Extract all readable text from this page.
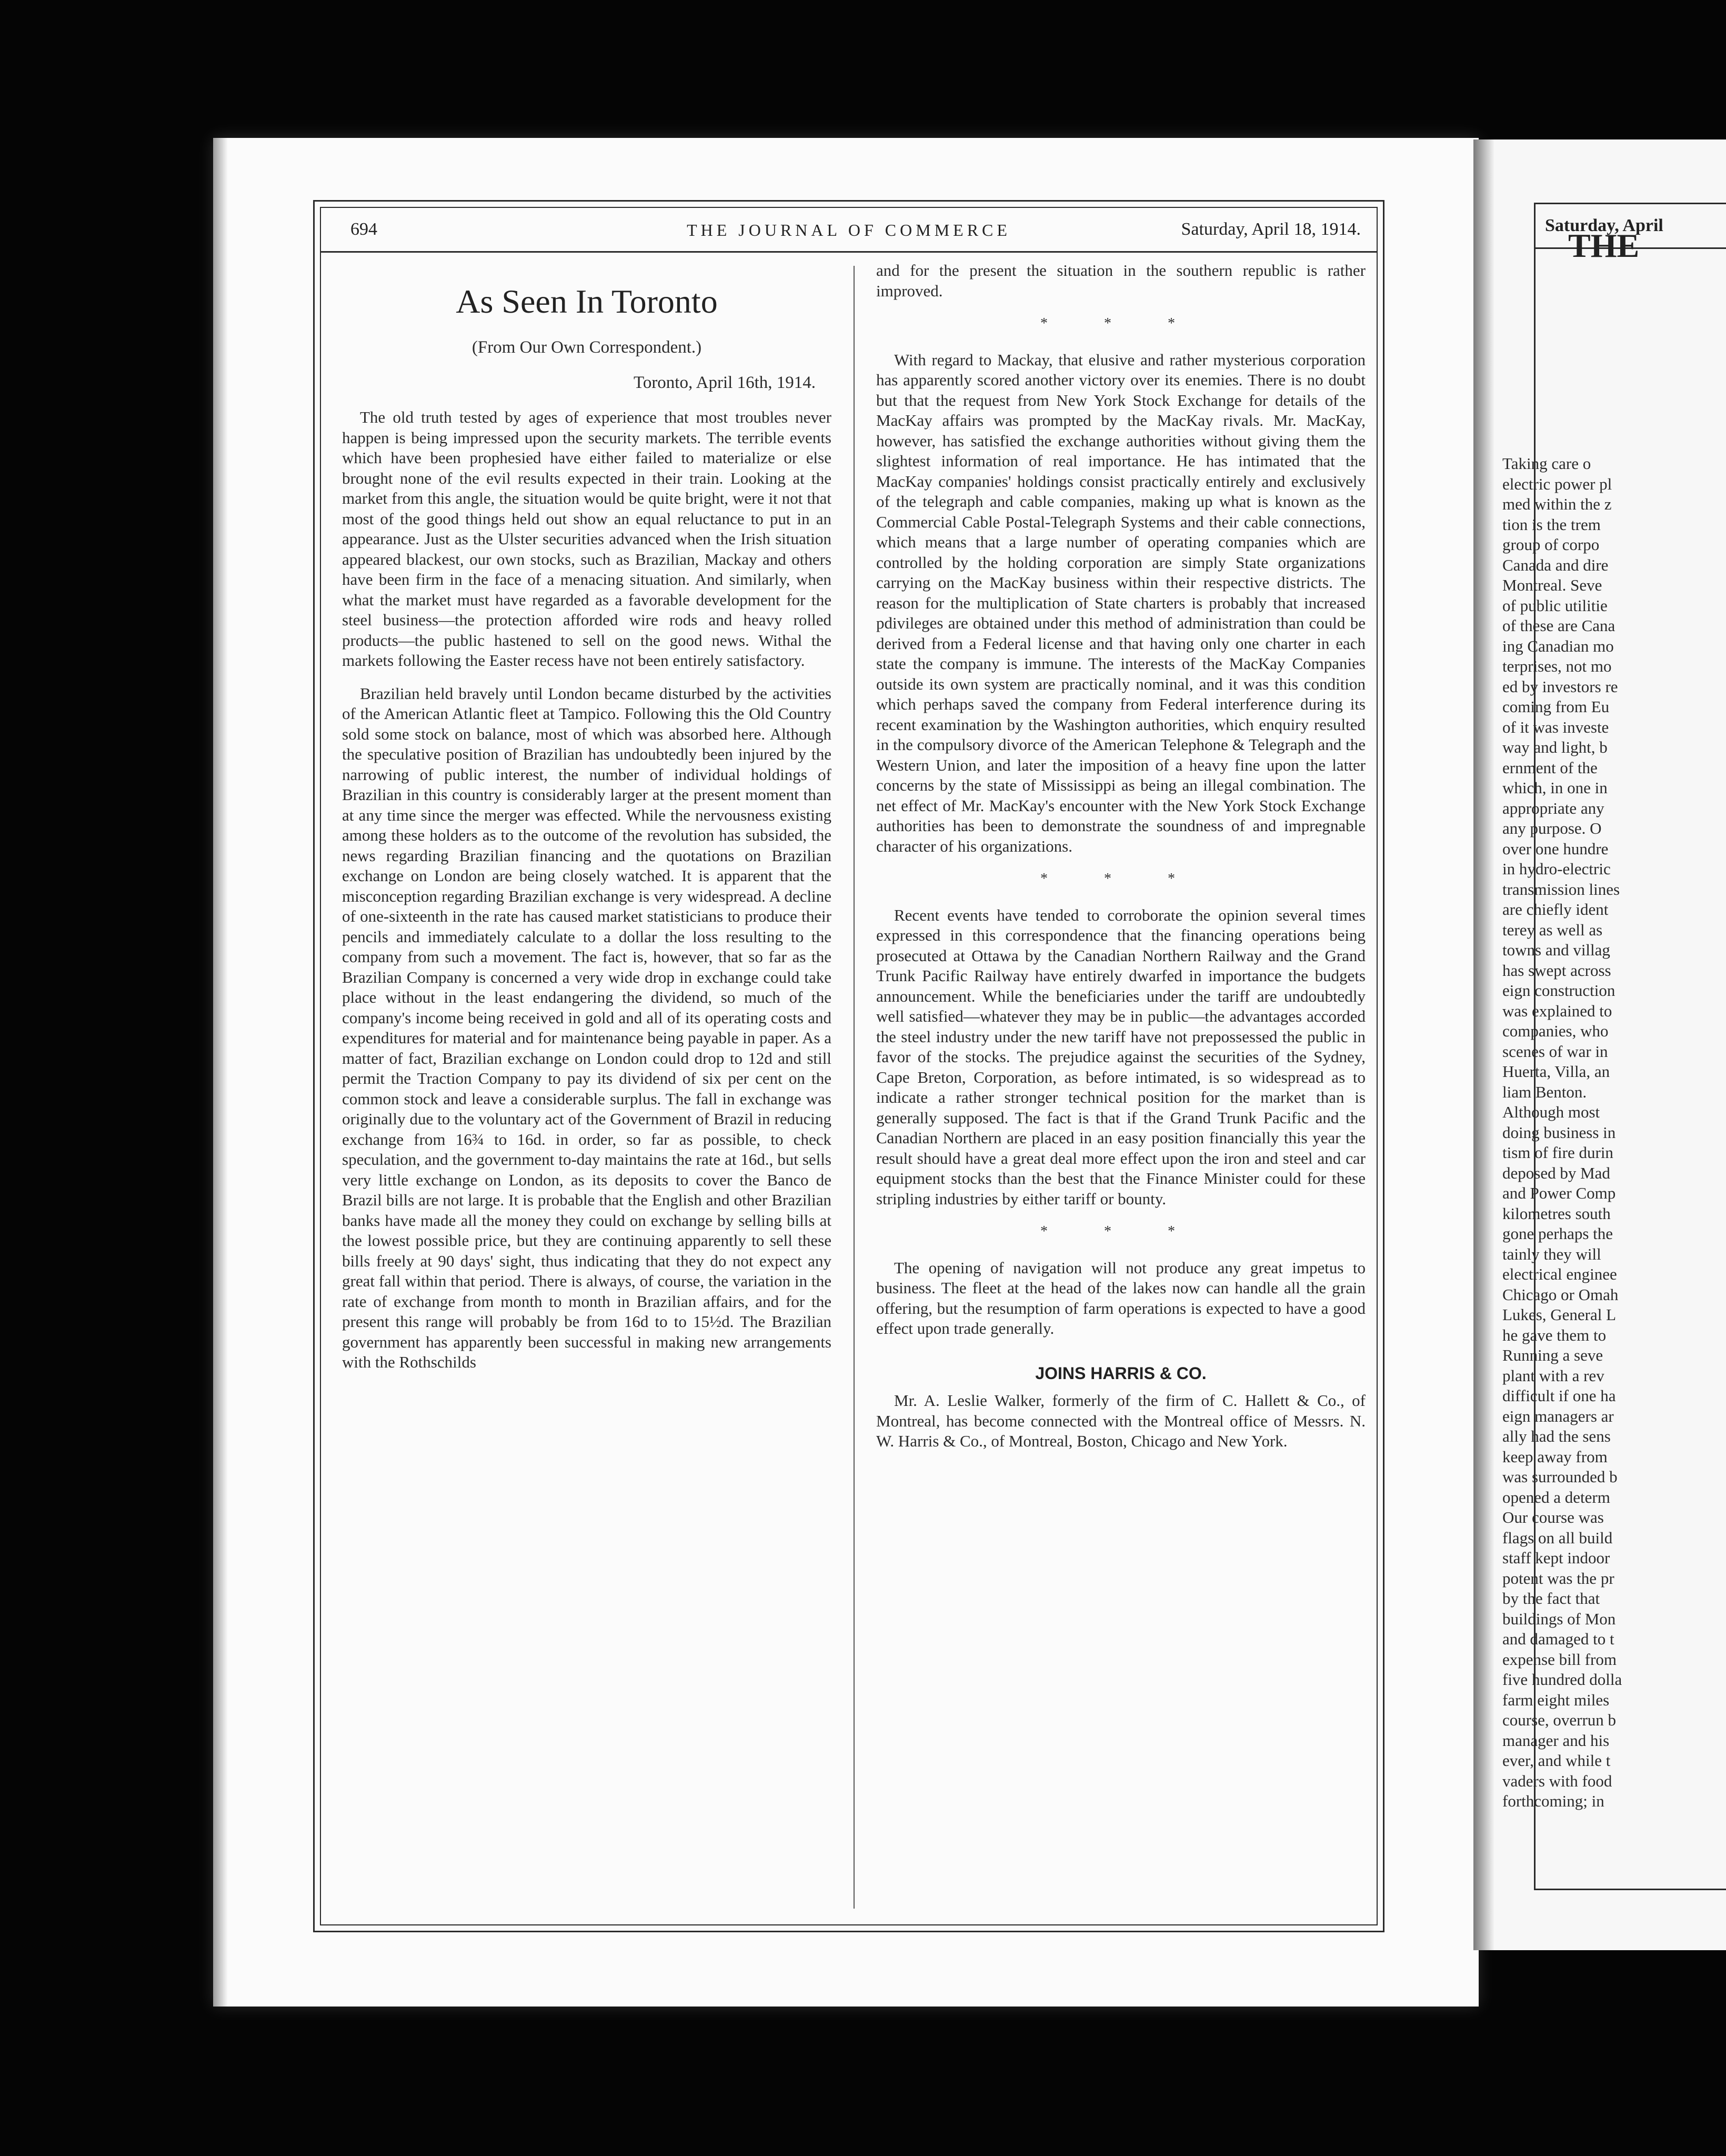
694	THE JOURNAL OF COMMERCE	Saturday, April 18, 1914.
As Seen In Toronto
(From Our Own Correspondent.)
Toronto, April 16th, 1914.

The old truth tested by ages of experience that most troubles never happen is being impressed upon the security markets. The terrible events which have been prophesied have either failed to materialize or else brought none of the evil results expected in their train. Looking at the market from this angle, the situation would be quite bright, were it not that most of the good things held out show an equal reluctance to put in an appearance. Just as the Ulster securities advanced when the Irish situation appeared blackest, our own stocks, such as Brazilian, Mackay and others have been firm in the face of a menacing situation. And similarly, when what the market must have regarded as a favorable development for the steel business—the protection afforded wire rods and heavy rolled products—the public hastened to sell on the good news. Withal the markets following the Easter recess have not been entirely satisfactory.

Brazilian held bravely until London became disturbed by the activities of the American Atlantic fleet at Tampico. Following this the Old Country sold some stock on balance, most of which was absorbed here. Although the speculative position of Brazilian has undoubtedly been injured by the narrowing of public interest, the number of individual holdings of Brazilian in this country is considerably larger at the present moment than at any time since the merger was effected. While the nervousness existing among these holders as to the outcome of the revolution has subsided, the news regarding Brazilian financing and the quotations on Brazilian exchange on London are being closely watched. It is apparent that the misconception regarding Brazilian exchange is very widespread. A decline of one-sixteenth in the rate has caused market statisticians to produce their pencils and immediately calculate to a dollar the loss resulting to the company from such a movement. The fact is, however, that so far as the Brazilian Company is concerned a very wide drop in exchange could take place without in the least endangering the dividend, so much of the company's income being received in gold and all of its operating costs and expenditures for material and for maintenance being payable in paper. As a matter of fact, Brazilian exchange on London could drop to 12d and still permit the Traction Company to pay its dividend of six per cent on the common stock and leave a considerable surplus. The fall in exchange was originally due to the voluntary act of the Government of Brazil in reducing exchange from 16¾ to 16d. in order, so far as possible, to check speculation, and the government to-day maintains the rate at 16d., but sells very little exchange on London, as its deposits to cover the Banco de Brazil bills are not large. It is probable that the English and other Brazilian banks have made all the money they could on exchange by selling bills at the lowest possible price, but they are continuing apparently to sell these bills freely at 90 days' sight, thus indicating that they do not expect any great fall within that period. There is always, of course, the variation in the rate of exchange from month to month in Brazilian affairs, and for the present this range will probably be from 16d to to 15½d. The Brazilian government has apparently been successful in making new arrangements with the Rothschilds

and for the present the situation in the southern republic is rather improved.

* * *

With regard to Mackay, that elusive and rather mysterious corporation has apparently scored another victory over its enemies. There is no doubt but that the request from New York Stock Exchange for details of the MacKay affairs was prompted by the MacKay rivals. Mr. MacKay, however, has satisfied the exchange authorities without giving them the slightest information of real importance. He has intimated that the MacKay companies' holdings consist practically entirely and exclusively of the telegraph and cable companies, making up what is known as the Commercial Cable Postal-Telegraph Systems and their cable connections, which means that a large number of operating companies which are controlled by the holding corporation are simply State organizations carrying on the MacKay business within their respective districts. The reason for the multiplication of State charters is probably that increased pdivileges are obtained under this method of administration than could be derived from a Federal license and that having only one charter in each state the company is immune. The interests of the MacKay Companies outside its own system are practically nominal, and it was this condition which perhaps saved the company from Federal interference during its recent examination by the Washington authorities, which enquiry resulted in the compulsory divorce of the American Telephone & Telegraph and the Western Union, and later the imposition of a heavy fine upon the latter concerns by the state of Mississippi as being an illegal combination. The net effect of Mr. MacKay's encounter with the New York Stock Exchange authorities has been to demonstrate the soundness of and impregnable character of his organizations.

* * *

Recent events have tended to corroborate the opinion several times expressed in this correspondence that the financing operations being prosecuted at Ottawa by the Canadian Northern Railway and the Grand Trunk Pacific Railway have entirely dwarfed in importance the budgets announcement. While the beneficiaries under the tariff are undoubtedly well satisfied—whatever they may be in public—the advantages accorded the steel industry under the new tariff have not prepossessed the public in favor of the stocks. The prejudice against the securities of the Sydney, Cape Breton, Corporation, as before intimated, is so widespread as to indicate a rather stronger technical position for the market than is generally supposed. The fact is that if the Grand Trunk Pacific and the Canadian Northern are placed in an easy position financially this year the result should have a great deal more effect upon the iron and steel and car equipment stocks than the best that the Finance Minister could for these stripling industries by either tariff or bounty.

* * *

The opening of navigation will not produce any great impetus to business. The fleet at the head of the lakes now can handle all the grain offering, but the resumption of farm operations is expected to have a good effect upon trade generally.

JOINS HARRIS & CO.

Mr. A. Leslie Walker, formerly of the firm of C. Hallett & Co., of Montreal, has become connected with the Montreal office of Messrs. N. W. Harris & Co., of Montreal, Boston, Chicago and New York.

Saturday, April
THE
Taking care o
electric power pl
med within the z
tion is the trem
group of corpo
Canada and dire
Montreal. Seve
of public utilitie
of these are Cana
ing Canadian mo
terprises, not mo
ed by investors re
coming from Eu
of it was investe
way and light, b
ernment of the
which, in one in
appropriate any
any purpose. O
over one hundre
in hydro-electric
transmission lines
are chiefly ident
terey as well as
towns and villag
has swept across
eign construction
was explained to
companies, who
scenes of war in
Huerta, Villa, an
liam Benton.
Although most
doing business in
tism of fire durin
deposed by Mad
and Power Comp
kilometres south
gone perhaps the
tainly they will
electrical enginee
Chicago or Omah
Lukes, General L
he gave them to
Running a seve
plant with a rev
difficult if one ha
eign managers ar
ally had the sens
keep away from
was surrounded b
opened a determ
Our course was
flags on all build
staff kept indoor
potent was the pr
by the fact that
buildings of Mon
and damaged to t
expense bill from
five hundred dolla
farm eight miles
course, overrun b
manager and his
ever, and while t
vaders with food
forthcoming; in
